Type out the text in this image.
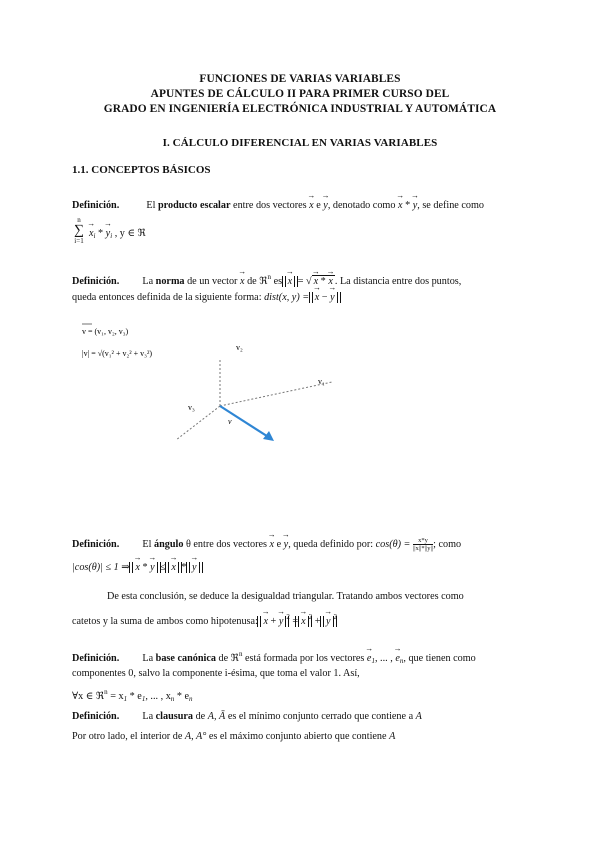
FUNCIONES DE VARIAS VARIABLES
APUNTES DE CÁLCULO II PARA PRIMER CURSO DEL
GRADO EN INGENIERÍA ELECTRÓNICA INDUSTRIAL Y AUTOMÁTICA
I. CÁLCULO DIFERENCIAL EN VARIAS VARIABLES
1.1. CONCEPTOS BÁSICOS
Definición.	El producto escalar entre dos vectores → x e → y, denotado como → x * → y, se define como
n
∑
i=1
→ $x_i$ * → $y_i$ , y ∈ ℜ
Definición. La norma de un vector → x de ℜ$^n$ es → x = √ → x * → x . La distancia entre dos puntos,
queda entonces definida de la siguiente forma: dist(x, y) = → x − → y
v = (v₁, v₂, v₃)
|v| = √(v₁² + v₂² + v₃²)
v₂
v₁
v₃
v
Definición. El ángulo θ entre dos vectores → x e → y, queda definido por: $\cos(\theta) = \frac{x*y}{||x||*||y||}$ ; como
|cos(θ)| ≤ 1 ⇒ → x * → y ≤ → x * → y
De esta conclusión, se deduce la desigualdad triangular. Tratando ambos vectores como
catetos y la suma de ambos como hipotenusa: → x + → y $^2$ = → x $^2$ + → y $^2$
Definición. La base canónica de ℜ$^n$ está formada por los vectores → $e_1$, ... , → $e_n$, que tienen como
componentes 0, salvo la componente i-ésima, que toma el valor 1. Así,
∀x ∈ ℜ$^n$ = $x_1 * e_1$, ... , $x_n * e_n$
Definición. La clausura de A, Ā es el mínimo conjunto cerrado que contiene a A
Por otro lado, el interior de A, A° es el máximo conjunto abierto que contiene A
